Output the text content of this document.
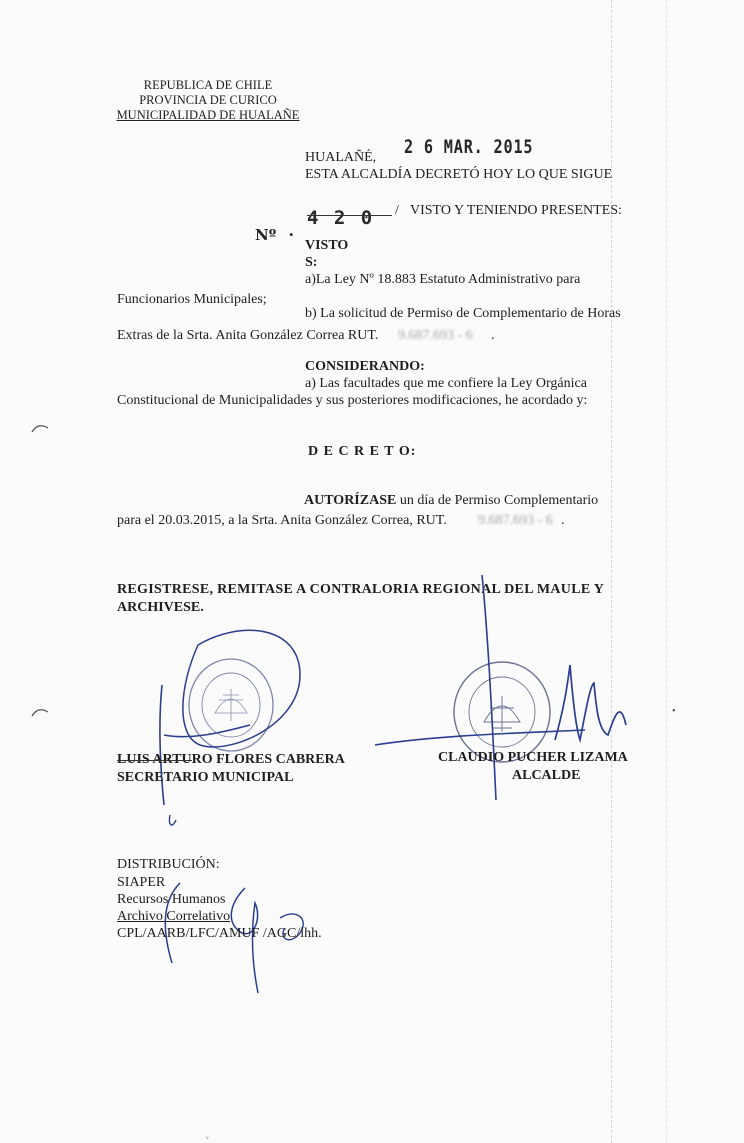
REPUBLICA DE CHILE
PROVINCIA DE CURICO
MUNICIPALIDAD DE HUALAÑE
HUALAÑÉ, 2 6 MAR. 2015
ESTA ALCALDÍA DECRETÓ HOY LO QUE SIGUE
Nº .
4 2 0 / VISTO Y TENIENDO PRESENTES:
VISTO
S:
a)La Ley Nº 18.883 Estatuto Administrativo para
Funcionarios Municipales;
b) La solicitud de Permiso de Complementario de Horas
Extras de la Srta. Anita González Correa RUT. 9.687.693 - 6 .
CONSIDERANDO:
a) Las facultades que me confiere la Ley Orgánica
Constitucional de Municipalidades y sus posteriores modificaciones, he acordado y:
D E C R E T O:
AUTORÍZASE un día de Permiso Complementario
para el 20.03.2015, a la Srta. Anita González Correa, RUT. 9.687.693 - 6 .
REGISTRESE, REMITASE A CONTRALORIA REGIONAL DEL MAULE Y
ARCHIVESE.
•
ᵥ
LUIS ARTURO FLORES CABRERA
SECRETARIO MUNICIPAL
CLAUDIO PUCHER LIZAMA
ALCALDE
DISTRIBUCIÓN:
SIAPER
Recursos Humanos
Archivo Correlativo
CPL/AARB/LFC/AMUF /AGC/lhh.
